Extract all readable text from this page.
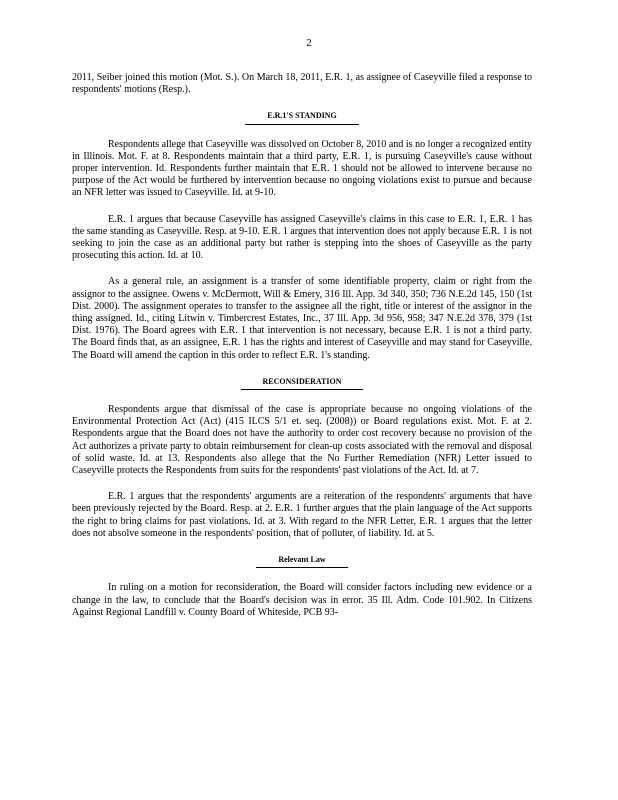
2

2011, Seiber joined this motion (Mot. S.). On March 18, 2011, E.R. 1, as assignee of Caseyville filed a response to respondents' motions (Resp.).

E.R.1'S STANDING

Respondents allege that Caseyville was dissolved on October 8, 2010 and is no longer a recognized entity in Illinois. Mot. F. at 8. Respondents maintain that a third party, E.R. 1, is pursuing Caseyville's cause without proper intervention. Id. Respondents further maintain that E.R. 1 should not be allowed to intervene because no purpose of the Act would be furthered by intervention because no ongoing violations exist to pursue and because an NFR letter was issued to Caseyville. Id. at 9-10.

E.R. 1 argues that because Caseyville has assigned Caseyville's claims in this case to E.R. 1, E.R. 1 has the same standing as Caseyville. Resp. at 9-10. E.R. 1 argues that intervention does not apply because E.R. 1 is not seeking to join the case as an additional party but rather is stepping into the shoes of Caseyville as the party prosecuting this action. Id. at 10.

As a general rule, an assignment is a transfer of some identifiable property, claim or right from the assignor to the assignee. Owens v. McDermott, Will & Emery, 316 Ill. App. 3d 340, 350; 736 N.E.2d 145, 150 (1st Dist. 2000). The assignment operates to transfer to the assignee all the right, title or interest of the assignor in the thing assigned. Id., citing Litwin v. Timbercrest Estates, Inc., 37 Ill. App. 3d 956, 958; 347 N.E.2d 378, 379 (1st Dist. 1976). The Board agrees with E.R. 1 that intervention is not necessary, because E.R. 1 is not a third party. The Board finds that, as an assignee, E.R. 1 has the rights and interest of Caseyville and may stand for Caseyville. The Board will amend the caption in this order to reflect E.R. 1's standing.

RECONSIDERATION

Respondents argue that dismissal of the case is appropriate because no ongoing violations of the Environmental Protection Act (Act) (415 ILCS 5/1 et. seq. (2008)) or Board regulations exist. Mot. F. at 2. Respondents argue that the Board does not have the authority to order cost recovery because no provision of the Act authorizes a private party to obtain reimbursement for clean-up costs associated with the removal and disposal of solid waste. Id. at 13. Respondents also allege that the No Further Remediation (NFR) Letter issued to Caseyville protects the Respondents from suits for the respondents' past violations of the Act. Id. at 7.

E.R. 1 argues that the respondents' arguments are a reiteration of the respondents' arguments that have been previously rejected by the Board. Resp. at 2. E.R. 1 further argues that the plain language of the Act supports the right to bring claims for past violations. Id. at 3. With regard to the NFR Letter, E.R. 1 argues that the letter does not absolve someone in the respondents' position, that of polluter, of liability. Id. at 5.

Relevant Law

In ruling on a motion for reconsideration, the Board will consider factors including new evidence or a change in the law, to conclude that the Board's decision was in error. 35 Ill. Adm. Code 101.902. In Citizens Against Regional Landfill v. County Board of Whiteside, PCB 93-
